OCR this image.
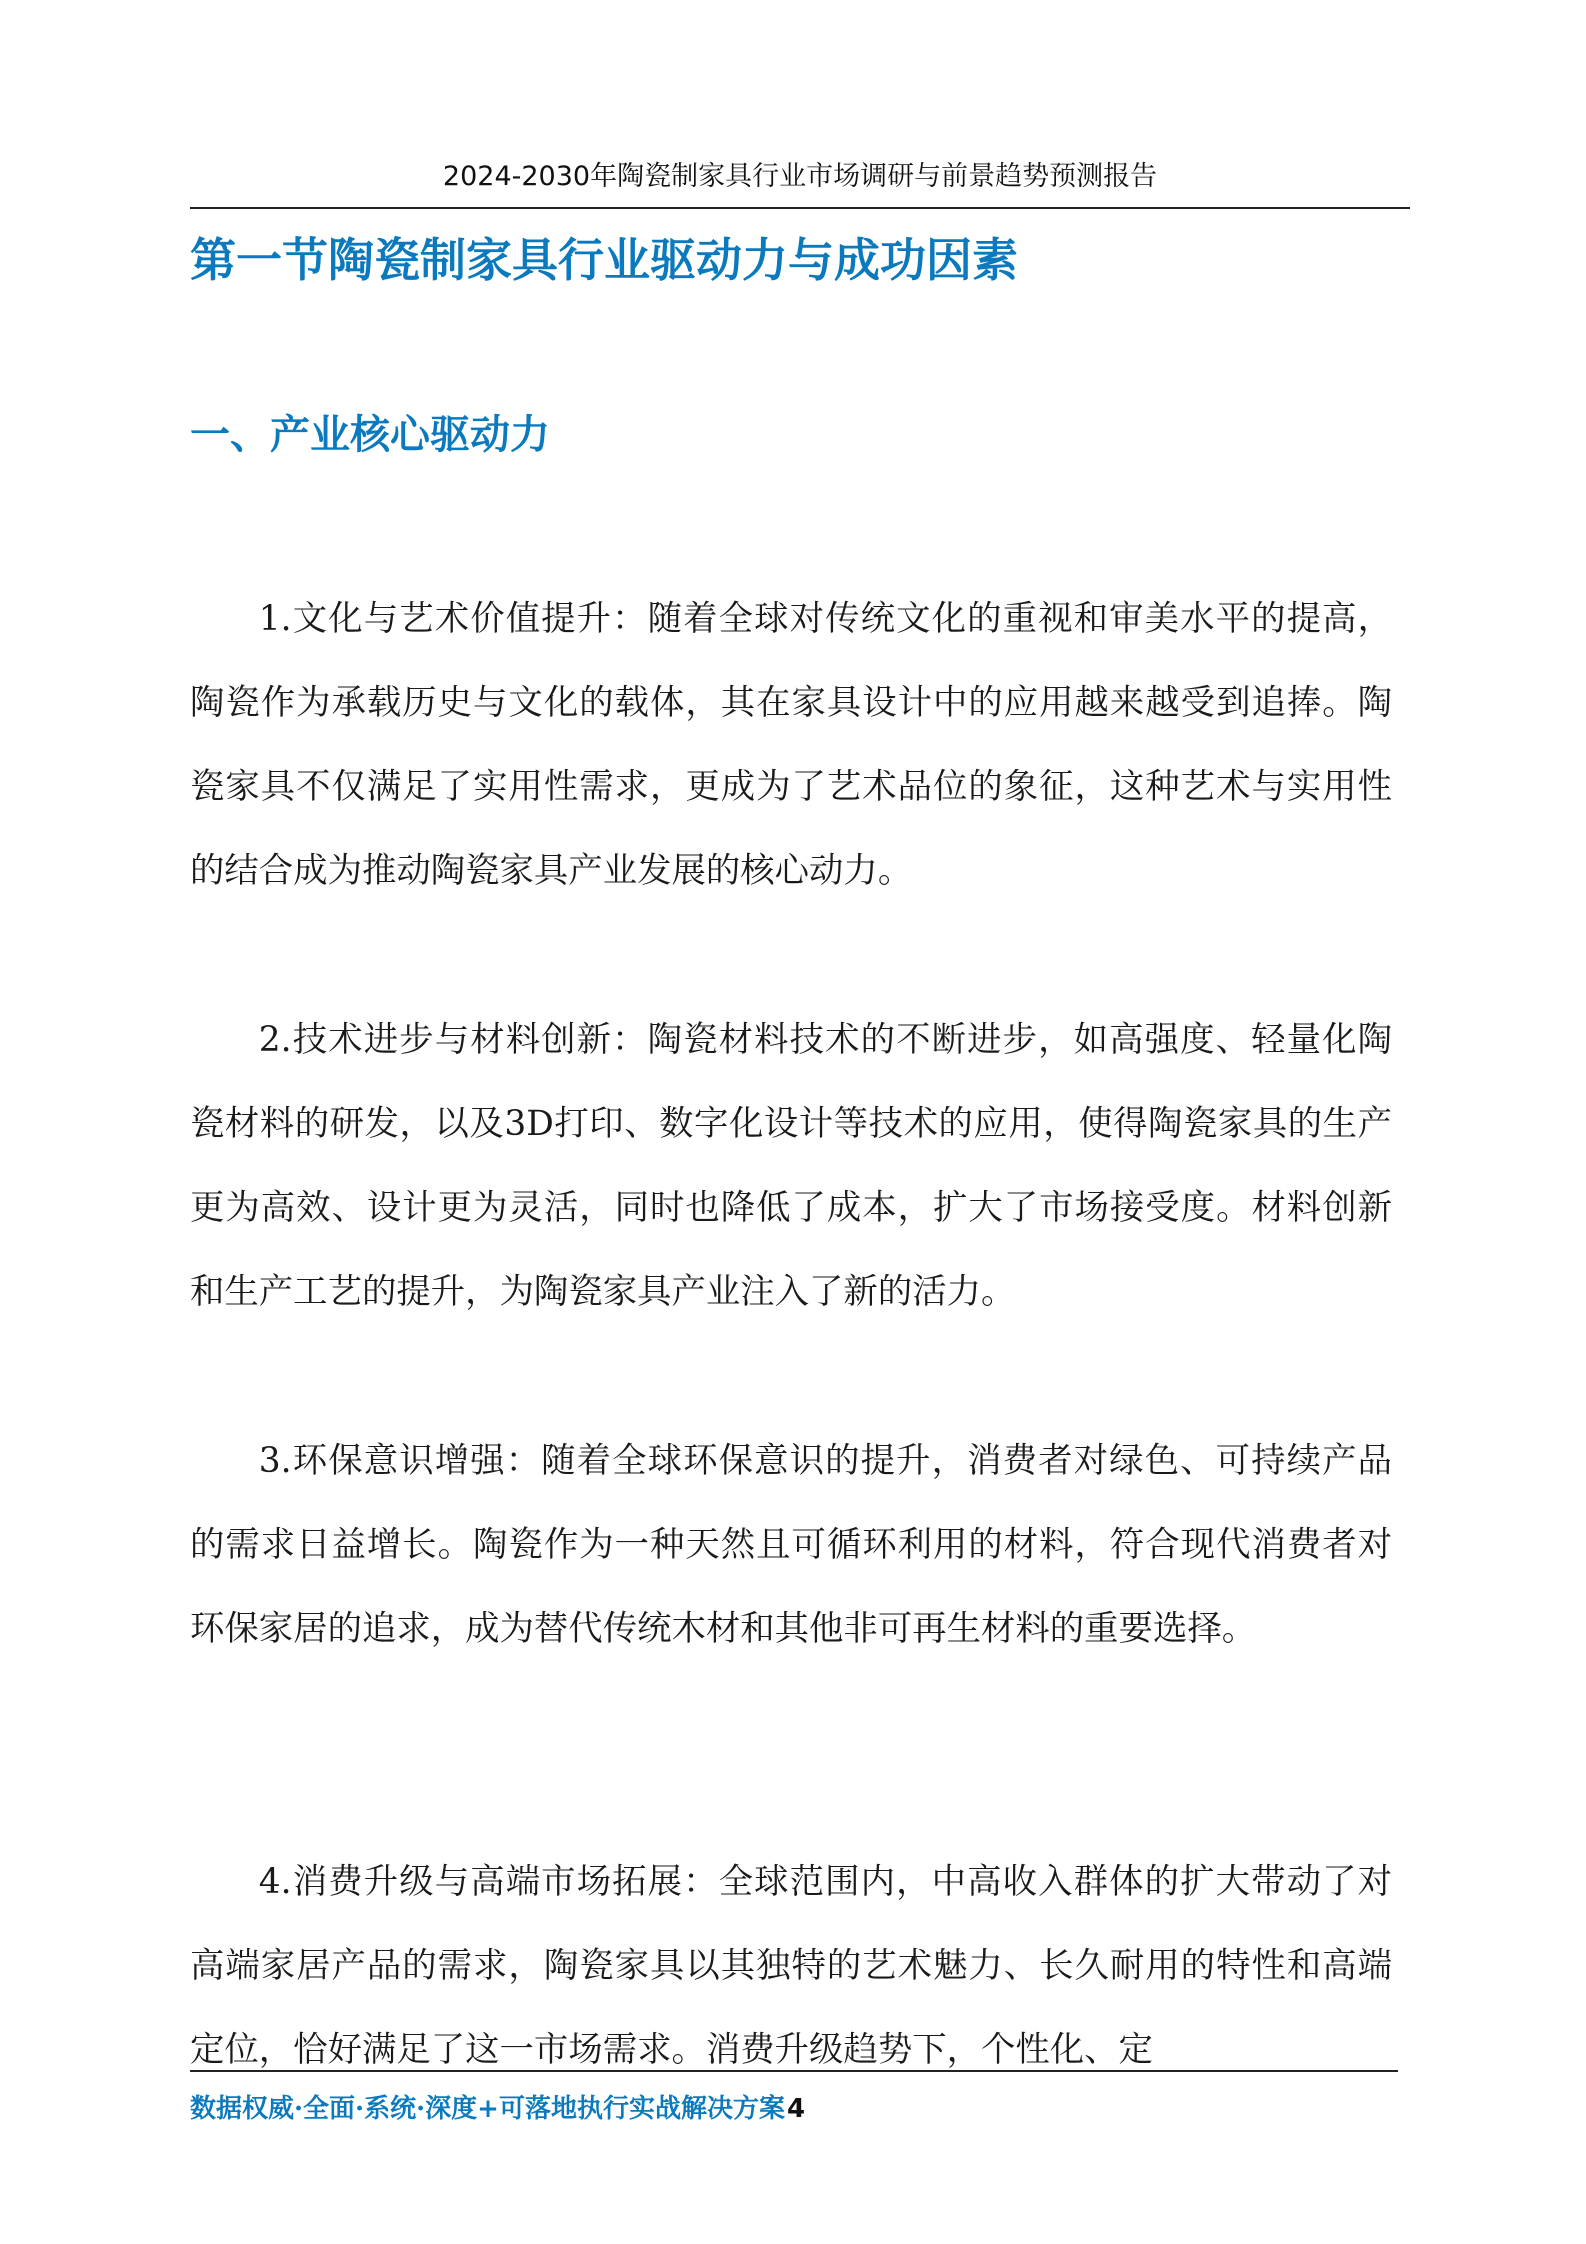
2024-2030年陶瓷制家具行业市场调研与前景趋势预测报告
第一节陶瓷制家具行业驱动力与成功因素
一、产业核心驱动力

1.文化与艺术价值提升：随着全球对传统文化的重视和审美水平的提高，陶瓷作为承载历史与文化的载体，其在家具设计中的应用越来越受到追捧。陶瓷家具不仅满足了实用性需求，更成为了艺术品位的象征，这种艺术与实用性的结合成为推动陶瓷家具产业发展的核心动力。

2.技术进步与材料创新：陶瓷材料技术的不断进步，如高强度、轻量化陶瓷材料的研发，以及3D打印、数字化设计等技术的应用，使得陶瓷家具的生产更为高效、设计更为灵活，同时也降低了成本，扩大了市场接受度。材料创新和生产工艺的提升，为陶瓷家具产业注入了新的活力。

3.环保意识增强：随着全球环保意识的提升，消费者对绿色、可持续产品的需求日益增长。陶瓷作为一种天然且可循环利用的材料，符合现代消费者对环保家居的追求，成为替代传统木材和其他非可再生材料的重要选择。

4.消费升级与高端市场拓展：全球范围内，中高收入群体的扩大带动了对高端家居产品的需求，陶瓷家具以其独特的艺术魅力、长久耐用的特性和高端定位，恰好满足了这一市场需求。消费升级趋势下，个性化、定

数据权威·全面·系统·深度+可落地执行实战解决方案4
